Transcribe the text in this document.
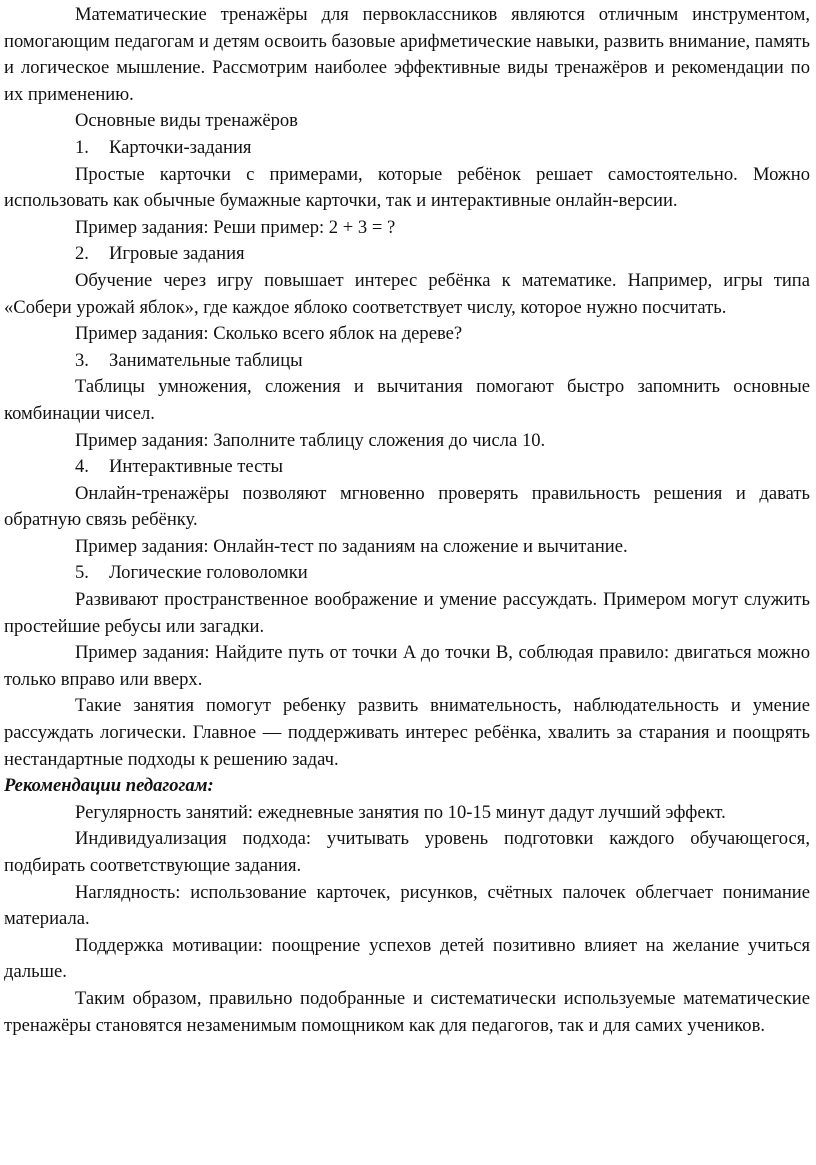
Математические тренажёры для первоклассников являются отличным инструментом, помогающим педагогам и детям освоить базовые арифметические навыки, развить внимание, память и логическое мышление. Рассмотрим наиболее эффективные виды тренажёров и рекомендации по их применению.

Основные виды тренажёров

1.	Карточки-задания

Простые карточки с примерами, которые ребёнок решает самостоятельно. Можно использовать как обычные бумажные карточки, так и интерактивные онлайн-версии.

Пример задания: Реши пример: 2 + 3 = ?

2.	Игровые задания

Обучение через игру повышает интерес ребёнка к математике. Например, игры типа «Собери урожай яблок», где каждое яблоко соответствует числу, которое нужно посчитать.

Пример задания: Сколько всего яблок на дереве?

3.	Занимательные таблицы

Таблицы умножения, сложения и вычитания помогают быстро запомнить основные комбинации чисел.

Пример задания: Заполните таблицу сложения до числа 10.

4.	Интерактивные тесты

Онлайн-тренажёры позволяют мгновенно проверять правильность решения и давать обратную связь ребёнку.

Пример задания: Онлайн-тест по заданиям на сложение и вычитание.

5.	Логические головоломки

Развивают пространственное воображение и умение рассуждать. Примером могут служить простейшие ребусы или загадки.

Пример задания: Найдите путь от точки A до точки B, соблюдая правило: двигаться можно только вправо или вверх.

Такие занятия помогут ребенку развить внимательность, наблюдательность и умение рассуждать логически. Главное — поддерживать интерес ребёнка, хвалить за старания и поощрять нестандартные подходы к решению задач.

Рекомендации педагогам:

Регулярность занятий: ежедневные занятия по 10-15 минут дадут лучший эффект.

Индивидуализация подхода: учитывать уровень подготовки каждого обучающегося, подбирать соответствующие задания.

Наглядность: использование карточек, рисунков, счётных палочек облегчает понимание материала.

Поддержка мотивации: поощрение успехов детей позитивно влияет на желание учиться дальше.

Таким образом, правильно подобранные и систематически используемые математические тренажёры становятся незаменимым помощником как для педагогов, так и для самих учеников.
